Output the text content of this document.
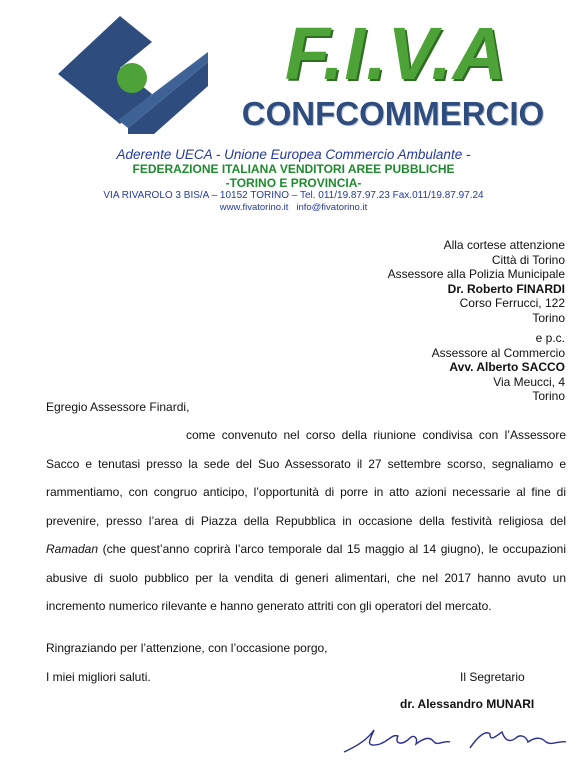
F.I.V.A
CONFCOMMERCIO
Aderente UECA - Unione Europea Commercio Ambulante -
FEDERAZIONE ITALIANA VENDITORI AREE PUBBLICHE
-TORINO E PROVINCIA-
VIA RIVAROLO 3 BIS/A – 10152 TORINO – Tel. 011/19.87.97.23 Fax.011/19.87.97.24
www.fivatorino.it info@fivatorino.it
Alla cortese attenzione
Città di Torino
Assessore alla Polizia Municipale
Dr. Roberto FINARDI
Corso Ferrucci, 122
Torino
e p.c.
Assessore al Commercio
Avv. Alberto SACCO
Via Meucci, 4
Torino
Egregio Assessore Finardi,
come convenuto nel corso della riunione condivisa con l’Assessore Sacco e tenutasi presso la sede del Suo Assessorato il 27 settembre scorso, segnaliamo e rammentiamo, con congruo anticipo, l’opportunità di porre in atto azioni necessarie al fine di prevenire, presso l’area di Piazza della Repubblica in occasione della festività religiosa del Ramadan (che quest’anno coprirà l’arco temporale dal 15 maggio al 14 giugno), le occupazioni abusive di suolo pubblico per la vendita di generi alimentari, che nel 2017 hanno avuto un incremento numerico rilevante e hanno generato attriti con gli operatori del mercato.
Ringraziando per l’attenzione, con l’occasione porgo,
I miei migliori saluti.	Il Segretario
dr. Alessandro MUNARI
